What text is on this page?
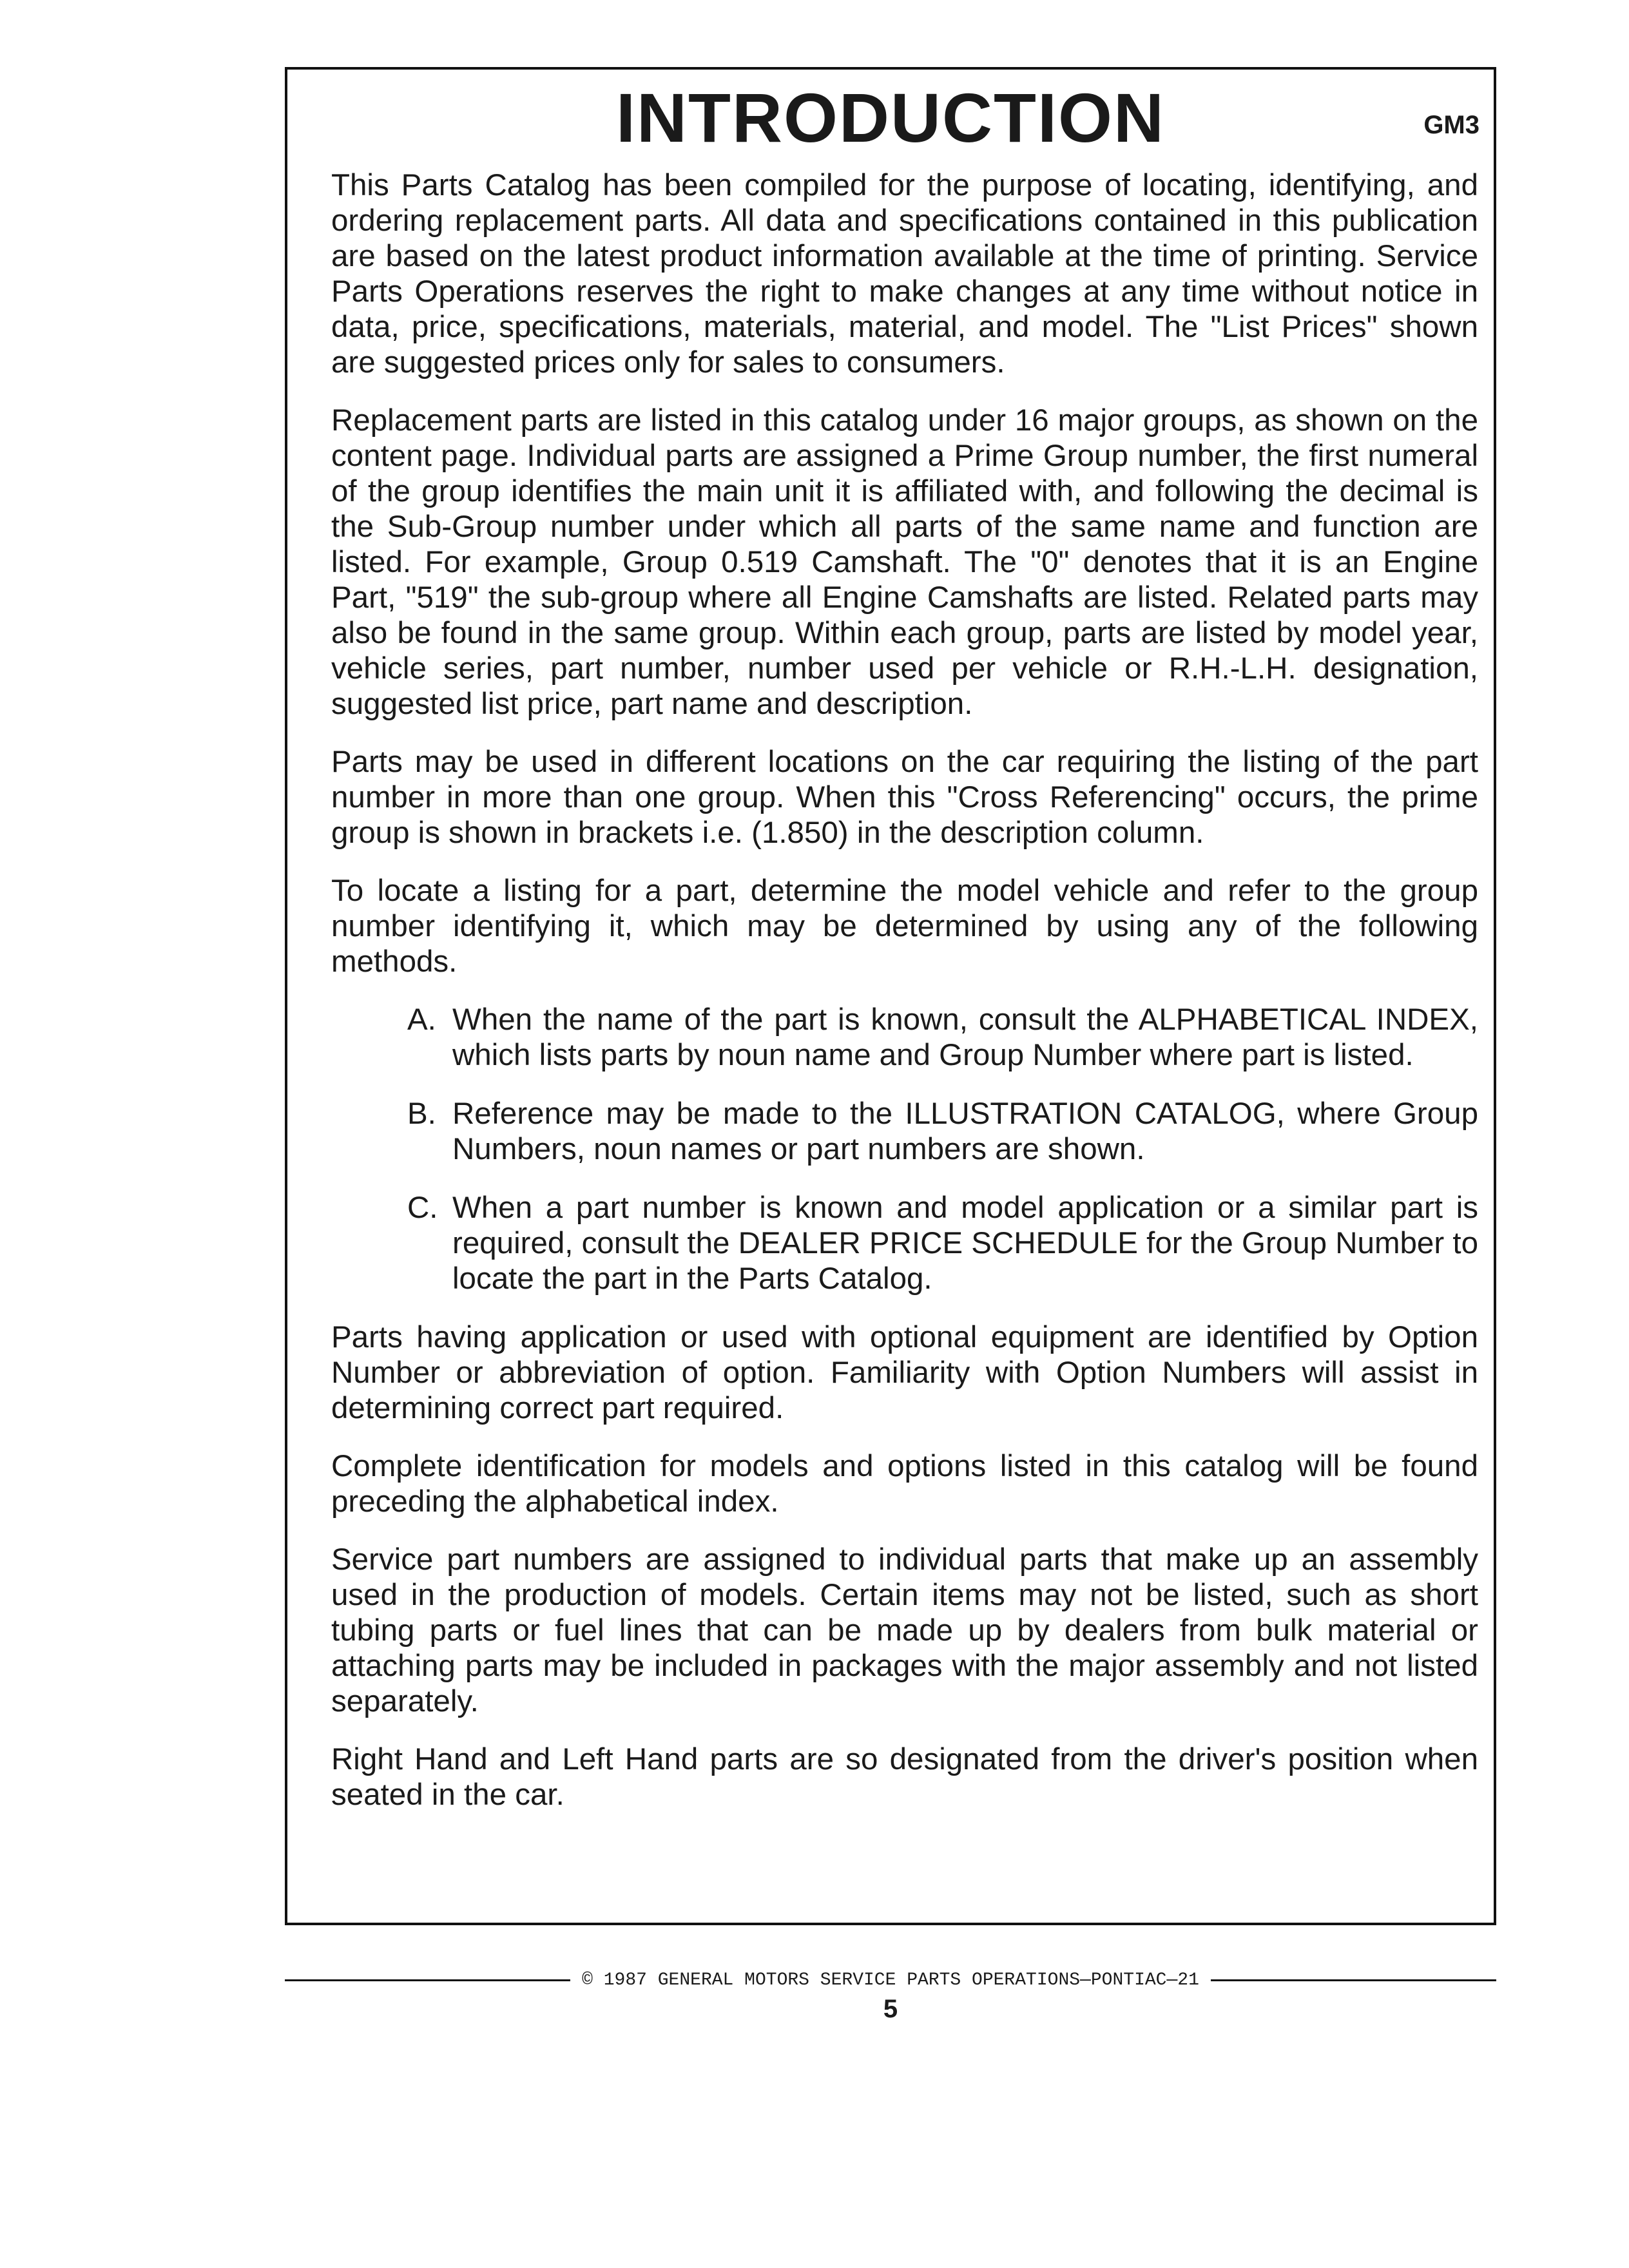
INTRODUCTION	GM3

This Parts Catalog has been compiled for the purpose of locating, identifying, and ordering replacement parts. All data and specifications contained in this publication are based on the latest product information available at the time of printing. Service Parts Operations reserves the right to make changes at any time without notice in data, price, specifications, materials, material, and model. The "List Prices" shown are suggested prices only for sales to consumers.

Replacement parts are listed in this catalog under 16 major groups, as shown on the content page. Individual parts are assigned a Prime Group number, the first numeral of the group identifies the main unit it is affiliated with, and following the decimal is the Sub-Group number under which all parts of the same name and function are listed. For example, Group 0.519 Camshaft. The "0" denotes that it is an Engine Part, "519" the sub-group where all Engine Camshafts are listed. Related parts may also be found in the same group. Within each group, parts are listed by model year, vehicle series, part number, number used per vehicle or R.H.-L.H. designation, suggested list price, part name and description.

Parts may be used in different locations on the car requiring the listing of the part number in more than one group. When this "Cross Referencing" occurs, the prime group is shown in brackets i.e. (1.850) in the description column.

To locate a listing for a part, determine the model vehicle and refer to the group number identifying it, which may be determined by using any of the following methods.

A. When the name of the part is known, consult the ALPHABETICAL INDEX, which lists parts by noun name and Group Number where part is listed.
B. Reference may be made to the ILLUSTRATION CATALOG, where Group Numbers, noun names or part numbers are shown.
C. When a part number is known and model application or a similar part is required, consult the DEALER PRICE SCHEDULE for the Group Number to locate the part in the Parts Catalog.

Parts having application or used with optional equipment are identified by Option Number or abbreviation of option. Familiarity with Option Numbers will assist in determining correct part required.

Complete identification for models and options listed in this catalog will be found preceding the alphabetical index.

Service part numbers are assigned to individual parts that make up an assembly used in the production of models. Certain items may not be listed, such as short tubing parts or fuel lines that can be made up by dealers from bulk material or attaching parts may be included in packages with the major assembly and not listed separately.

Right Hand and Left Hand parts are so designated from the driver's position when seated in the car.

© 1987 GENERAL MOTORS SERVICE PARTS OPERATIONS—PONTIAC—21
5
